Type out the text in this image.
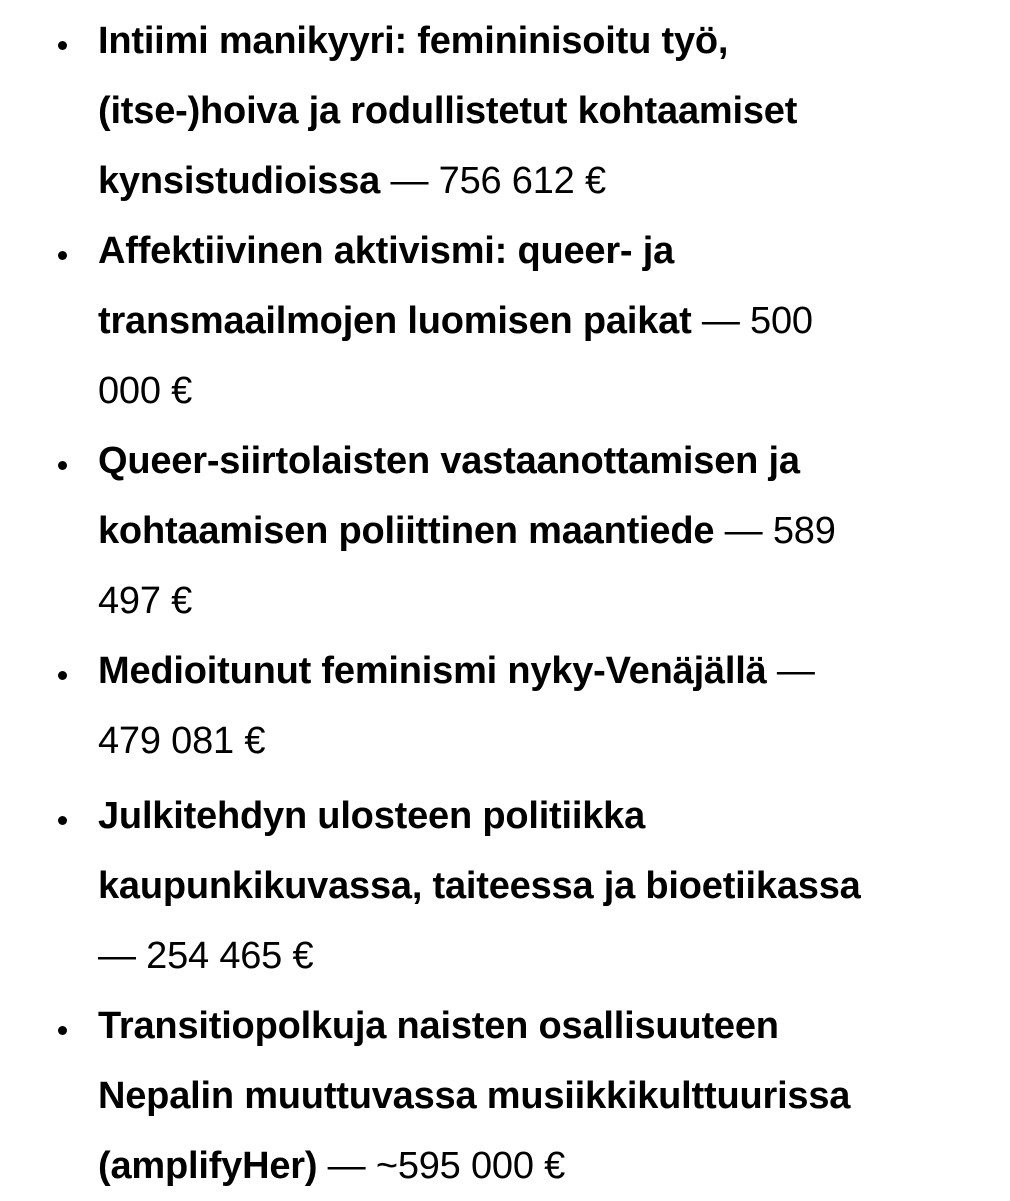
Intiimi manikyyri: femininisoitu työ,
(itse-)hoiva ja rodullistetut kohtaamiset
kynsistudioissa — 756 612 €

Affektiivinen aktivismi: queer- ja
transmaailmojen luomisen paikat — 500
000 €

Queer-siirtolaisten vastaanottamisen ja
kohtaamisen poliittinen maantiede — 589
497 €

Medioitunut feminismi nyky-Venäjällä —
479 081 €

Julkitehdyn ulosteen politiikka
kaupunkikuvassa, taiteessa ja bioetiikassa
— 254 465 €

Transitiopolkuja naisten osallisuuteen
Nepalin muuttuvassa musiikkikulttuurissa
(amplifyHer) — ~595 000 €
